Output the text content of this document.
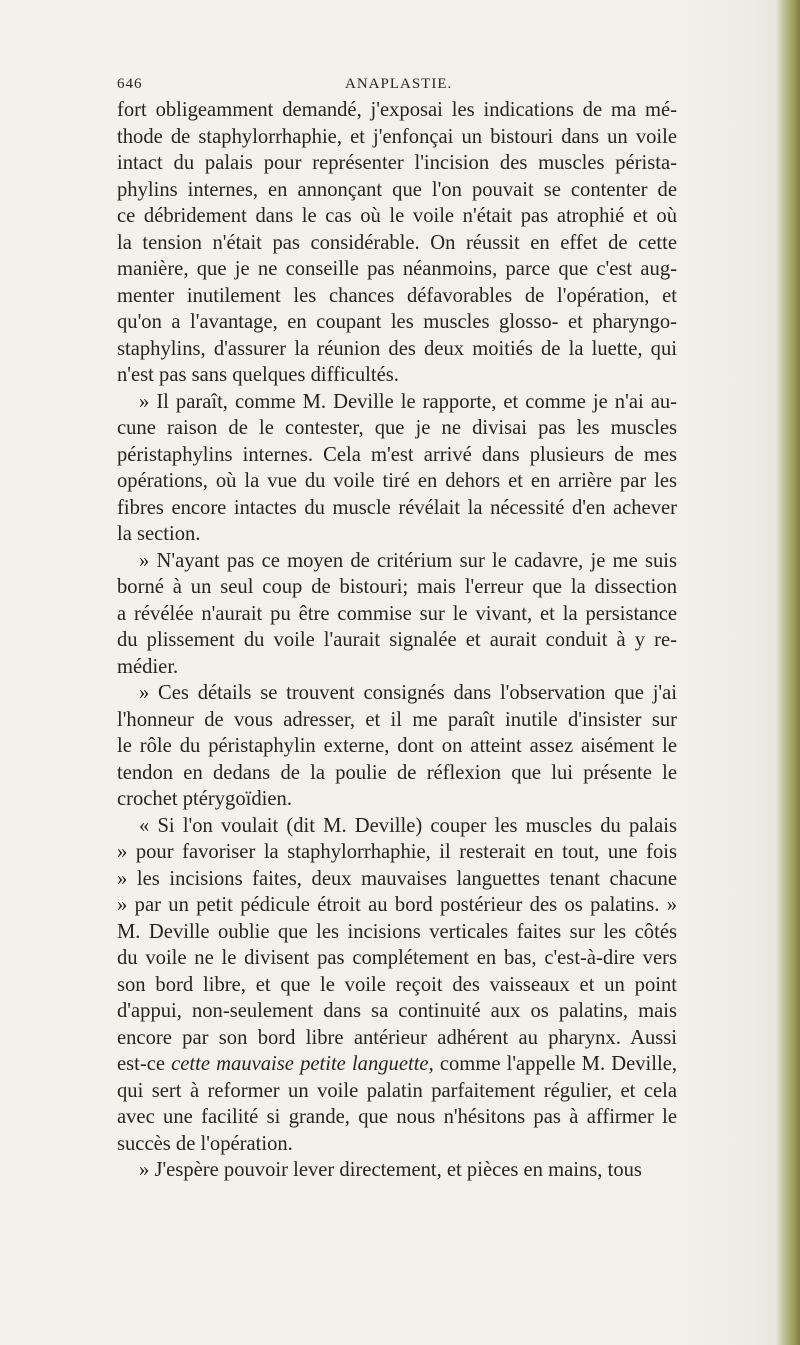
646	ANAPLASTIE.

fort obligeamment demandé, j'exposai les indications de ma mé-
thode de staphylorrhaphie, et j'enfonçai un bistouri dans un voile
intact du palais pour représenter l'incision des muscles pérista-
phylins internes, en annonçant que l'on pouvait se contenter de
ce débridement dans le cas où le voile n'était pas atrophié et où
la tension n'était pas considérable. On réussit en effet de cette
manière, que je ne conseille pas néanmoins, parce que c'est aug-
menter inutilement les chances défavorables de l'opération, et
qu'on a l'avantage, en coupant les muscles glosso- et pharyngo-
staphylins, d'assurer la réunion des deux moitiés de la luette, qui
n'est pas sans quelques difficultés.

» Il paraît, comme M. Deville le rapporte, et comme je n'ai au-
cune raison de le contester, que je ne divisai pas les muscles
péristaphylins internes. Cela m'est arrivé dans plusieurs de mes
opérations, où la vue du voile tiré en dehors et en arrière par les
fibres encore intactes du muscle révélait la nécessité d'en achever
la section.

» N'ayant pas ce moyen de critérium sur le cadavre, je me suis
borné à un seul coup de bistouri; mais l'erreur que la dissection
a révélée n'aurait pu être commise sur le vivant, et la persistance
du plissement du voile l'aurait signalée et aurait conduit à y re-
médier.

» Ces détails se trouvent consignés dans l'observation que j'ai
l'honneur de vous adresser, et il me paraît inutile d'insister sur
le rôle du péristaphylin externe, dont on atteint assez aisément le
tendon en dedans de la poulie de réflexion que lui présente le
crochet ptérygoïdien.

« Si l'on voulait (dit M. Deville) couper les muscles du palais
» pour favoriser la staphylorrhaphie, il resterait en tout, une fois
» les incisions faites, deux mauvaises languettes tenant chacune
» par un petit pédicule étroit au bord postérieur des os palatins. »
M. Deville oublie que les incisions verticales faites sur les côtés
du voile ne le divisent pas complétement en bas, c'est-à-dire vers
son bord libre, et que le voile reçoit des vaisseaux et un point
d'appui, non-seulement dans sa continuité aux os palatins, mais
encore par son bord libre antérieur adhérent au pharynx. Aussi
est-ce cette mauvaise petite languette, comme l'appelle M. Deville,
qui sert à reformer un voile palatin parfaitement régulier, et cela
avec une facilité si grande, que nous n'hésitons pas à affirmer le
succès de l'opération.

» J'espère pouvoir lever directement, et pièces en mains, tous
